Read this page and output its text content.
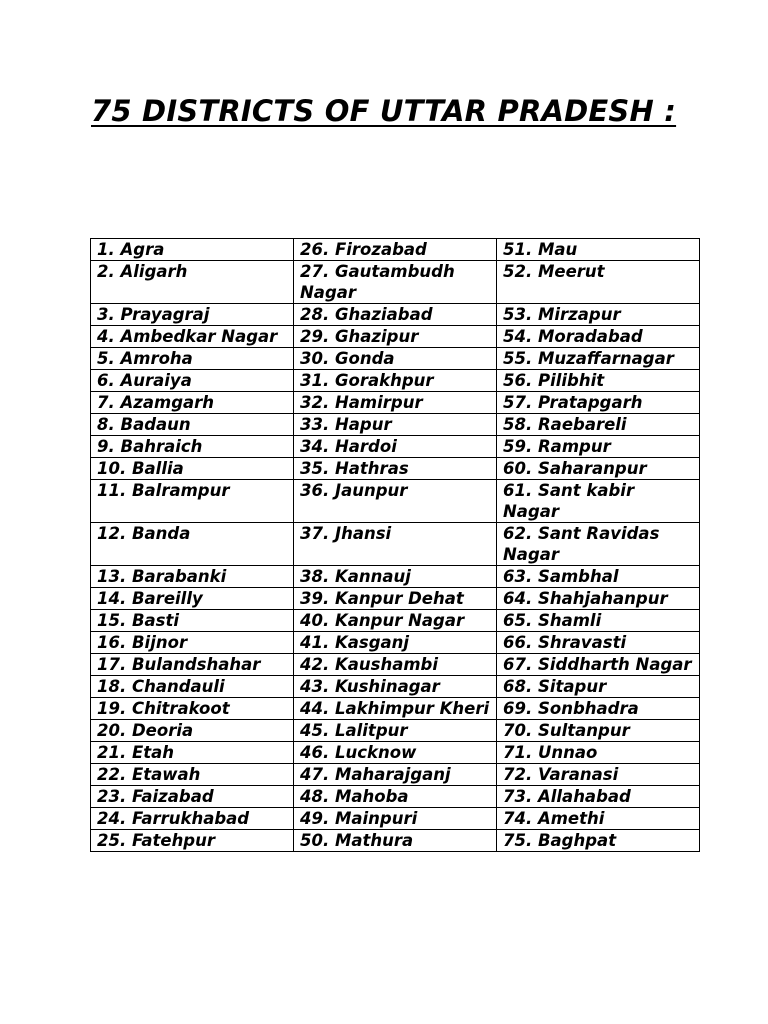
75 DISTRICTS OF UTTAR PRADESH :
1. Agra	26. Firozabad	51. Mau
2. Aligarh	27. Gautambudh Nagar	52. Meerut
3. Prayagraj	28. Ghaziabad	53. Mirzapur
4. Ambedkar Nagar	29. Ghazipur	54. Moradabad
5. Amroha	30. Gonda	55. Muzaffarnagar
6. Auraiya	31. Gorakhpur	56. Pilibhit
7. Azamgarh	32. Hamirpur	57. Pratapgarh
8. Badaun	33. Hapur	58. Raebareli
9. Bahraich	34. Hardoi	59. Rampur
10. Ballia	35. Hathras	60. Saharanpur
11. Balrampur	36. Jaunpur	61. Sant kabir Nagar
12. Banda	37. Jhansi	62. Sant Ravidas Nagar
13. Barabanki	38. Kannauj	63. Sambhal
14. Bareilly	39. Kanpur Dehat	64. Shahjahanpur
15. Basti	40. Kanpur Nagar	65. Shamli
16. Bijnor	41. Kasganj	66. Shravasti
17. Bulandshahar	42. Kaushambi	67. Siddharth Nagar
18. Chandauli	43. Kushinagar	68. Sitapur
19. Chitrakoot	44. Lakhimpur Kheri	69. Sonbhadra
20. Deoria	45. Lalitpur	70. Sultanpur
21. Etah	46. Lucknow	71. Unnao
22. Etawah	47. Maharajganj	72. Varanasi
23. Faizabad	48. Mahoba	73. Allahabad
24. Farrukhabad	49. Mainpuri	74. Amethi
25. Fatehpur	50. Mathura	75. Baghpat
